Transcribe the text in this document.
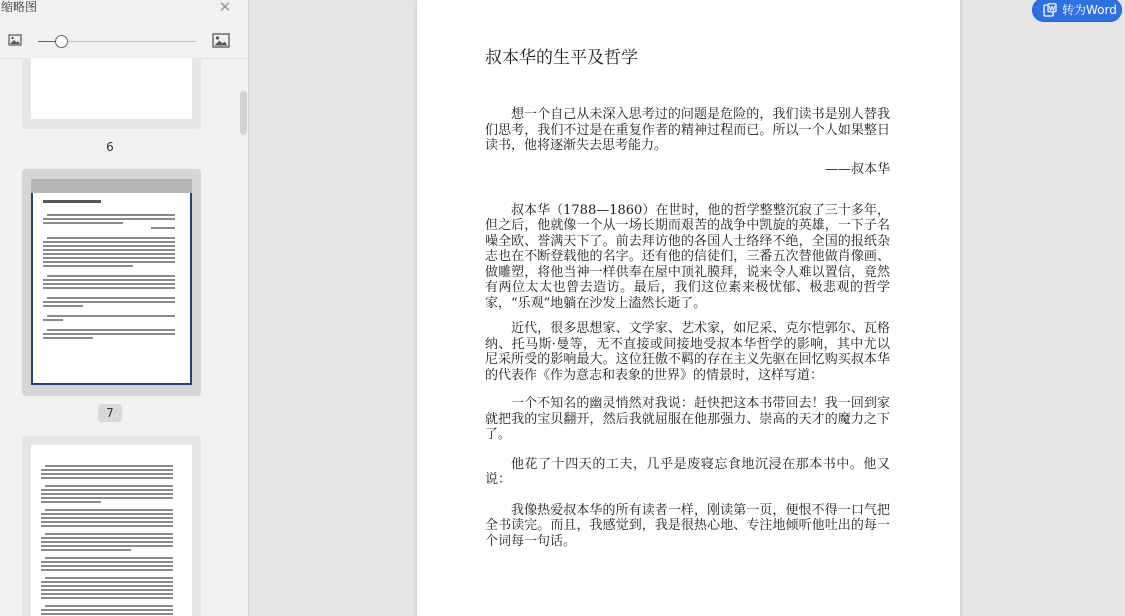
缩略图	✕
6
7
叔本华的生平及哲学

想一个自己从未深入思考过的问题是危险的，我们读书是别人替我们思考，我们不过是在重复作者的精神过程而已。所以一个人如果整日读书，他将逐渐失去思考能力。

——叔本华

叔本华（1788—1860）在世时，他的哲学整整沉寂了三十多年，但之后，他就像一个从一场长期而艰苦的战争中凯旋的英雄，一下子名噪全欧、誉满天下了。前去拜访他的各国人士络绎不绝，全国的报纸杂志也在不断登载他的名字。还有他的信徒们，三番五次替他做肖像画、做雕塑，将他当神一样供奉在屋中顶礼膜拜，说来令人难以置信，竟然有两位太太也曾去造访。最后，我们这位素来极忧郁、极悲观的哲学家，“乐观”地躺在沙发上溘然长逝了。

近代，很多思想家、文学家、艺术家，如尼采、克尔恺郭尔、瓦格纳、托马斯·曼等，无不直接或间接地受叔本华哲学的影响，其中尤以尼采所受的影响最大。这位狂傲不羁的存在主义先驱在回忆购买叔本华的代表作《作为意志和表象的世界》的情景时，这样写道：

一个不知名的幽灵悄然对我说：赶快把这本书带回去！我一回到家就把我的宝贝翻开，然后我就屈服在他那强力、崇高的天才的魔力之下了。

他花了十四天的工夫，几乎是废寝忘食地沉浸在那本书中。他又说：

我像热爱叔本华的所有读者一样，刚读第一页，便恨不得一口气把全书读完。而且，我感觉到，我是很热心地、专注地倾听他吐出的每一个词每一句话。

W 转为Word
